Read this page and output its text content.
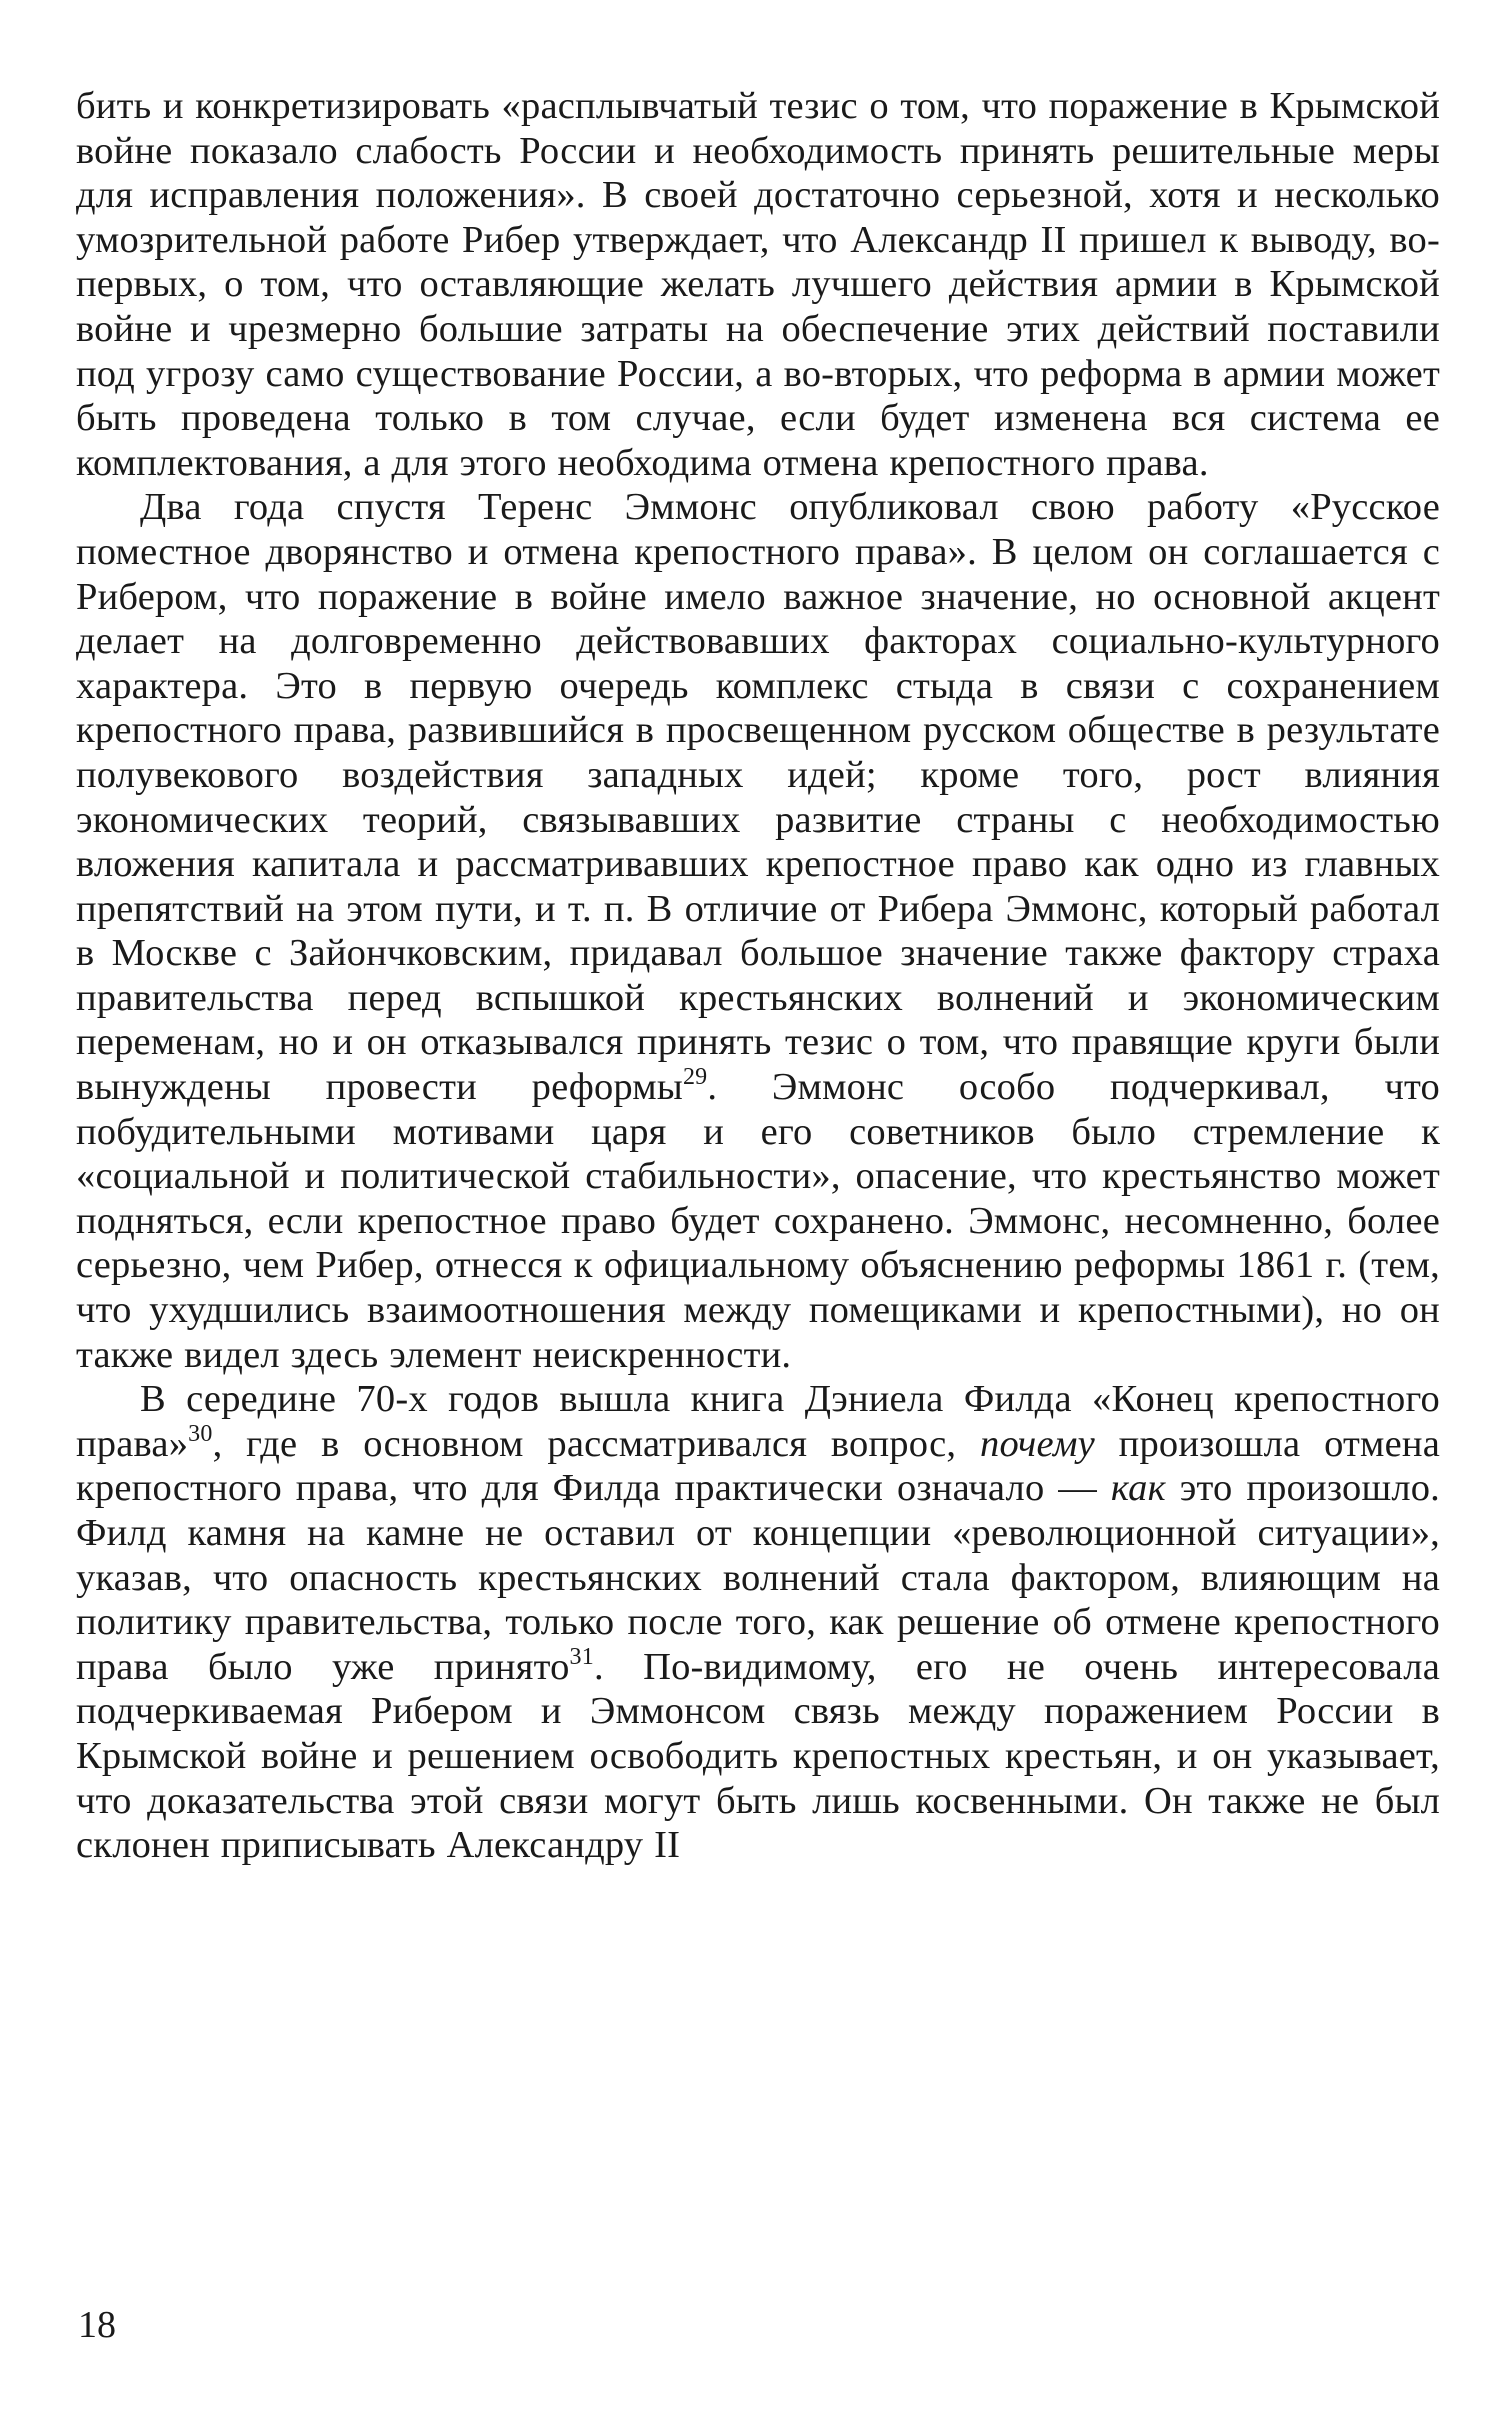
бить и конкретизировать «расплывчатый тезис о том, что поражение в Крымской войне показало слабость России и необходимость принять решительные меры для исправления положения». В своей достаточно серьезной, хотя и несколько умозрительной работе Рибер утверждает, что Александр II пришел к выводу, во-первых, о том, что оставляющие желать лучшего действия армии в Крымской войне и чрезмерно большие затраты на обеспечение этих действий поставили под угрозу само существование России, а во-вторых, что реформа в армии может быть проведена только в том случае, если будет изменена вся система ее комплектования, а для этого необходима отмена крепостного права.

Два года спустя Теренс Эммонс опубликовал свою работу «Русское поместное дворянство и отмена крепостного права». В целом он соглашается с Рибером, что поражение в войне имело важное значение, но основной акцент делает на долговременно действовавших факторах социально-культурного характера. Это в первую очередь комплекс стыда в связи с сохранением крепостного права, развившийся в просвещенном русском обществе в результате полувекового воздействия западных идей; кроме того, рост влияния экономических теорий, связывавших развитие страны с необходимостью вложения капитала и рассматривавших крепостное право как одно из главных препятствий на этом пути, и т. п. В отличие от Рибера Эммонс, который работал в Москве с Зайончковским, придавал большое значение также фактору страха правительства перед вспышкой крестьянских волнений и экономическим переменам, но и он отказывался принять тезис о том, что правящие круги были вынуждены провести реформы$^{29}$. Эммонс особо подчеркивал, что побудительными мотивами царя и его советников было стремление к «социальной и политической стабильности», опасение, что крестьянство может подняться, если крепостное право будет сохранено. Эммонс, несомненно, более серьезно, чем Рибер, отнесся к официальному объяснению реформы 1861 г. (тем, что ухудшились взаимоотношения между помещиками и крепостными), но он также видел здесь элемент неискренности.

В середине 70-х годов вышла книга Дэниела Филда «Конец крепостного права»$^{30}$, где в основном рассматривался вопрос, почему произошла отмена крепостного права, что для Филда практически означало — как это произошло. Филд камня на камне не оставил от концепции «революционной ситуации», указав, что опасность крестьянских волнений стала фактором, влияющим на политику правительства, только после того, как решение об отмене крепостного права было уже принято$^{31}$. По-видимому, его не очень интересовала подчеркиваемая Рибером и Эммонсом связь между поражением России в Крымской войне и решением освободить крепостных крестьян, и он указывает, что доказательства этой связи могут быть лишь косвенными. Он также не был склонен приписывать Александру II

18
